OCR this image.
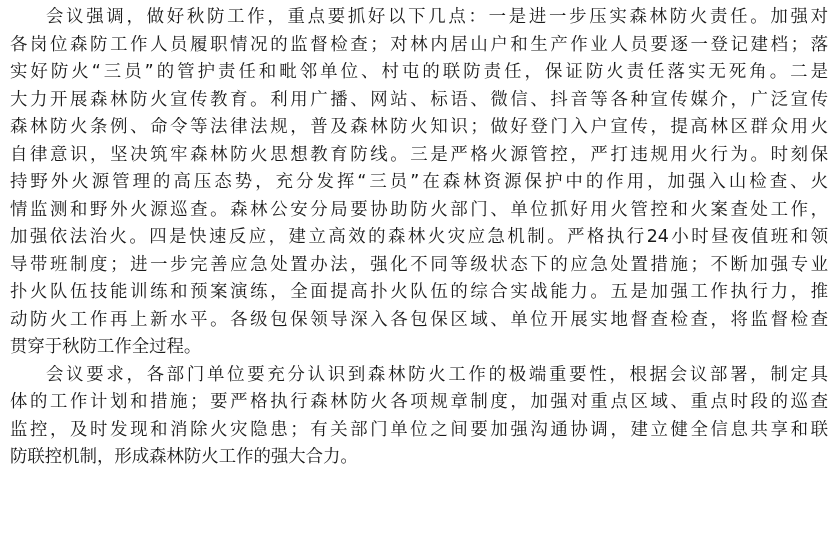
会议强调，做好秋防工作，重点要抓好以下几点：一是进一步压实森林防火责任。加强对
各岗位森防工作人员履职情况的监督检查；对林内居山户和生产作业人员要逐一登记建档；落
实好防火“三员”的管护责任和毗邻单位、村屯的联防责任，保证防火责任落实无死角。二是
大力开展森林防火宣传教育。利用广播、网站、标语、微信、抖音等各种宣传媒介，广泛宣传
森林防火条例、命令等法律法规，普及森林防火知识；做好登门入户宣传，提高林区群众用火
自律意识，坚决筑牢森林防火思想教育防线。三是严格火源管控，严打违规用火行为。时刻保
持野外火源管理的高压态势，充分发挥“三员”在森林资源保护中的作用，加强入山检查、火
情监测和野外火源巡查。森林公安分局要协助防火部门、单位抓好用火管控和火案查处工作，
加强依法治火。四是快速反应，建立高效的森林火灾应急机制。严格执行24小时昼夜值班和领
导带班制度；进一步完善应急处置办法，强化不同等级状态下的应急处置措施；不断加强专业
扑火队伍技能训练和预案演练，全面提高扑火队伍的综合实战能力。五是加强工作执行力，推
动防火工作再上新水平。各级包保领导深入各包保区域、单位开展实地督查检查，将监督检查
贯穿于秋防工作全过程。
会议要求，各部门单位要充分认识到森林防火工作的极端重要性，根据会议部署，制定具
体的工作计划和措施；要严格执行森林防火各项规章制度，加强对重点区域、重点时段的巡查
监控，及时发现和消除火灾隐患；有关部门单位之间要加强沟通协调，建立健全信息共享和联
防联控机制，形成森林防火工作的强大合力。
